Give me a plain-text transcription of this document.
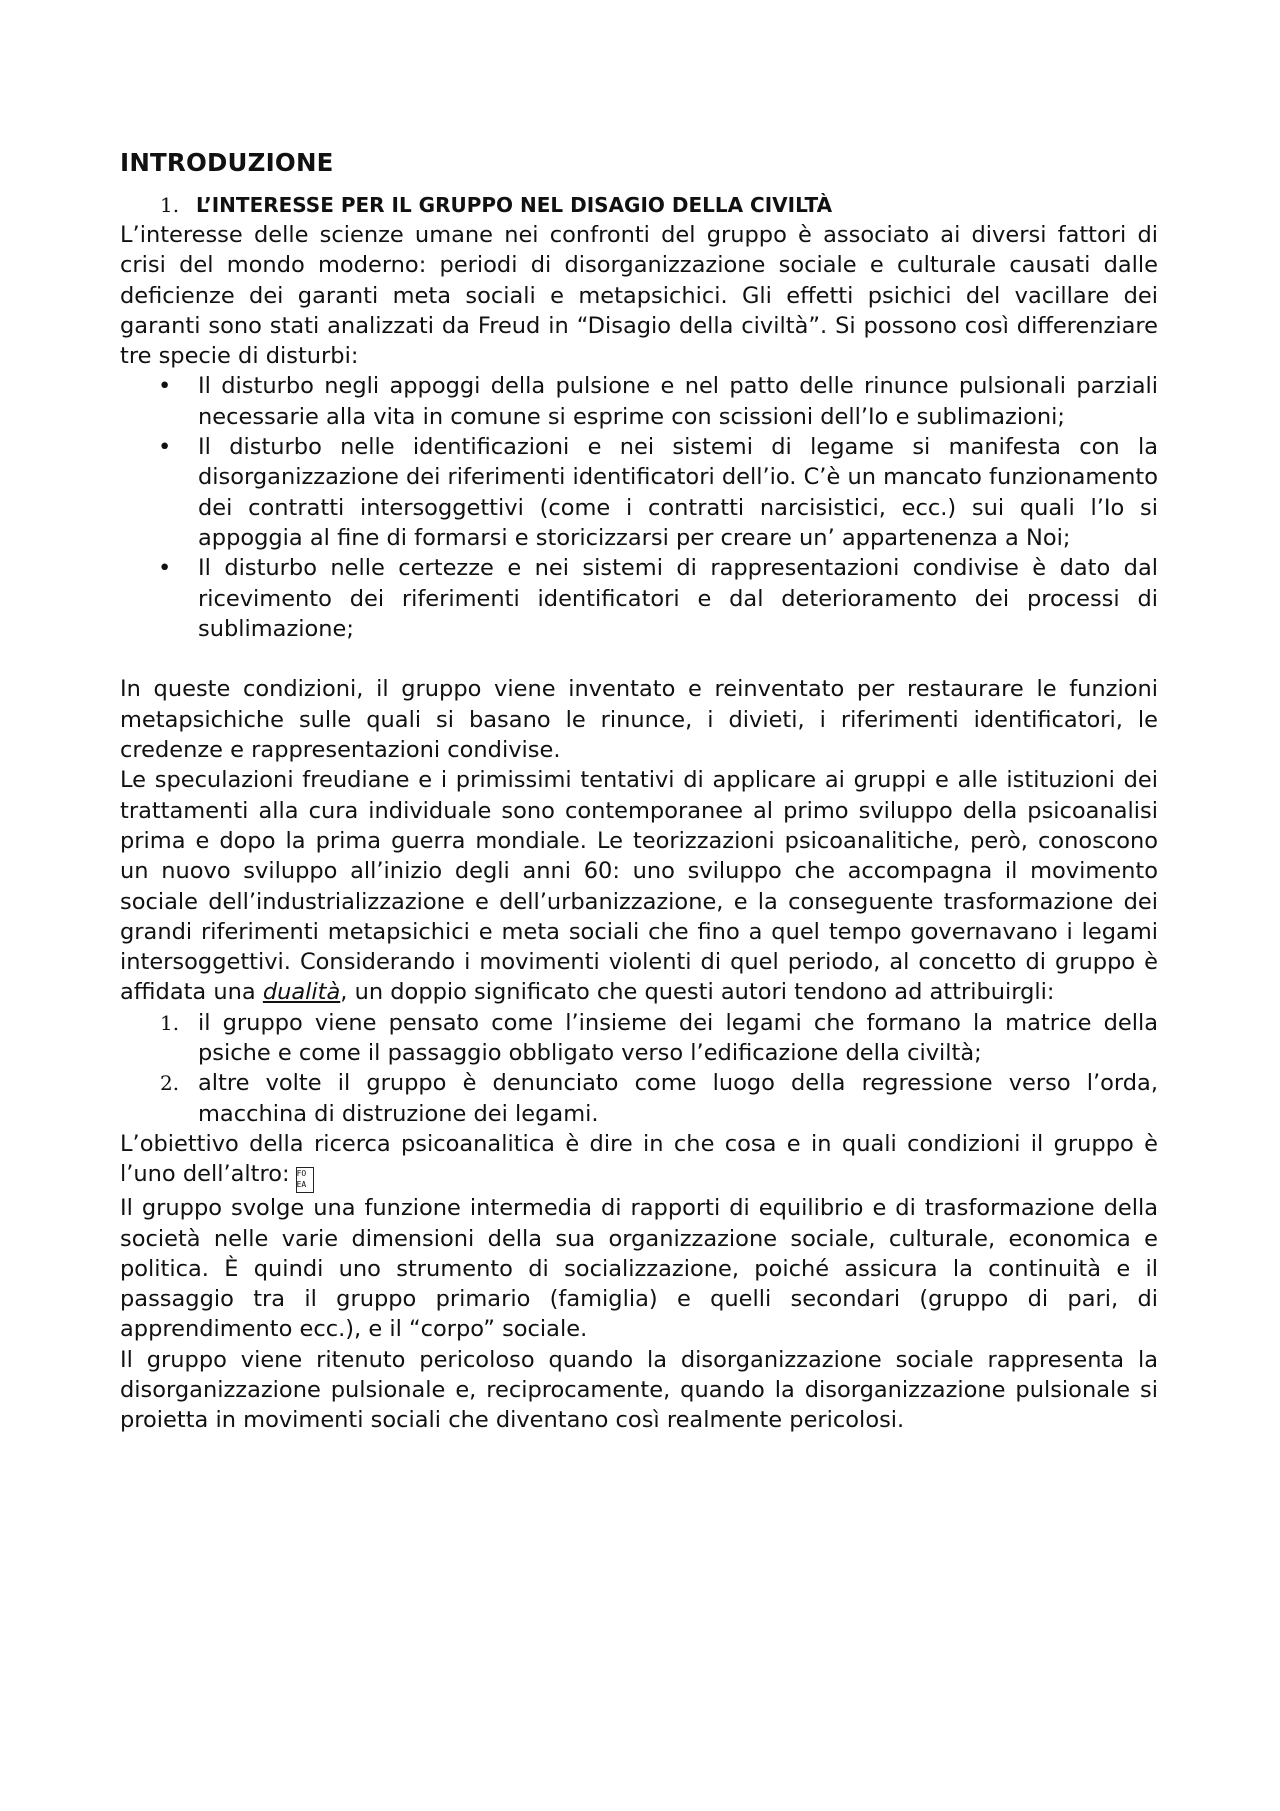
INTRODUZIONE
1. L’INTERESSE PER IL GRUPPO NEL DISAGIO DELLA CIVILTÀ

L’interesse delle scienze umane nei confronti del gruppo è associato ai diversi fattori di crisi del mondo moderno: periodi di disorganizzazione sociale e culturale causati dalle deficienze dei garanti meta sociali e metapsichici. Gli effetti psichici del vacillare dei garanti sono stati analizzati da Freud in “Disagio della civiltà”. Si possono così differenziare tre specie di disturbi:

• Il disturbo negli appoggi della pulsione e nel patto delle rinunce pulsionali parziali necessarie alla vita in comune si esprime con scissioni dell’Io e sublimazioni;
• Il disturbo nelle identificazioni e nei sistemi di legame si manifesta con la disorganizzazione dei riferimenti identificatori dell’io. C’è un mancato funzionamento dei contratti intersoggettivi (come i contratti narcisistici, ecc.) sui quali l’Io si appoggia al fine di formarsi e storicizzarsi per creare un’ appartenenza a Noi;
• Il disturbo nelle certezze e nei sistemi di rappresentazioni condivise è dato dal ricevimento dei riferimenti identificatori e dal deterioramento dei processi di sublimazione;

In queste condizioni, il gruppo viene inventato e reinventato per restaurare le funzioni metapsichiche sulle quali si basano le rinunce, i divieti, i riferimenti identificatori, le credenze e rappresentazioni condivise.

Le speculazioni freudiane e i primissimi tentativi di applicare ai gruppi e alle istituzioni dei trattamenti alla cura individuale sono contemporanee al primo sviluppo della psicoanalisi prima e dopo la prima guerra mondiale. Le teorizzazioni psicoanalitiche, però, conoscono un nuovo sviluppo all’inizio degli anni 60: uno sviluppo che accompagna il movimento sociale dell’industrializzazione e dell’urbanizzazione, e la conseguente trasformazione dei grandi riferimenti metapsichici e meta sociali che fino a quel tempo governavano i legami intersoggettivi. Considerando i movimenti violenti di quel periodo, al concetto di gruppo è affidata una dualità, un doppio significato che questi autori tendono ad attribuirgli:

1. il gruppo viene pensato come l’insieme dei legami che formano la matrice della psiche e come il passaggio obbligato verso l’edificazione della civiltà;
2. altre volte il gruppo è denunciato come luogo della regressione verso l’orda, macchina di distruzione dei legami.

L’obiettivo della ricerca psicoanalitica è dire in che cosa e in quali condizioni il gruppo è l’uno dell’altro: FO
EA

Il gruppo svolge una funzione intermedia di rapporti di equilibrio e di trasformazione della società nelle varie dimensioni della sua organizzazione sociale, culturale, economica e politica. È quindi uno strumento di socializzazione, poiché assicura la continuità e il passaggio tra il gruppo primario (famiglia) e quelli secondari (gruppo di pari, di apprendimento ecc.), e il “corpo” sociale.

Il gruppo viene ritenuto pericoloso quando la disorganizzazione sociale rappresenta la disorganizzazione pulsionale e, reciprocamente, quando la disorganizzazione pulsionale si proietta in movimenti sociali che diventano così realmente pericolosi.
